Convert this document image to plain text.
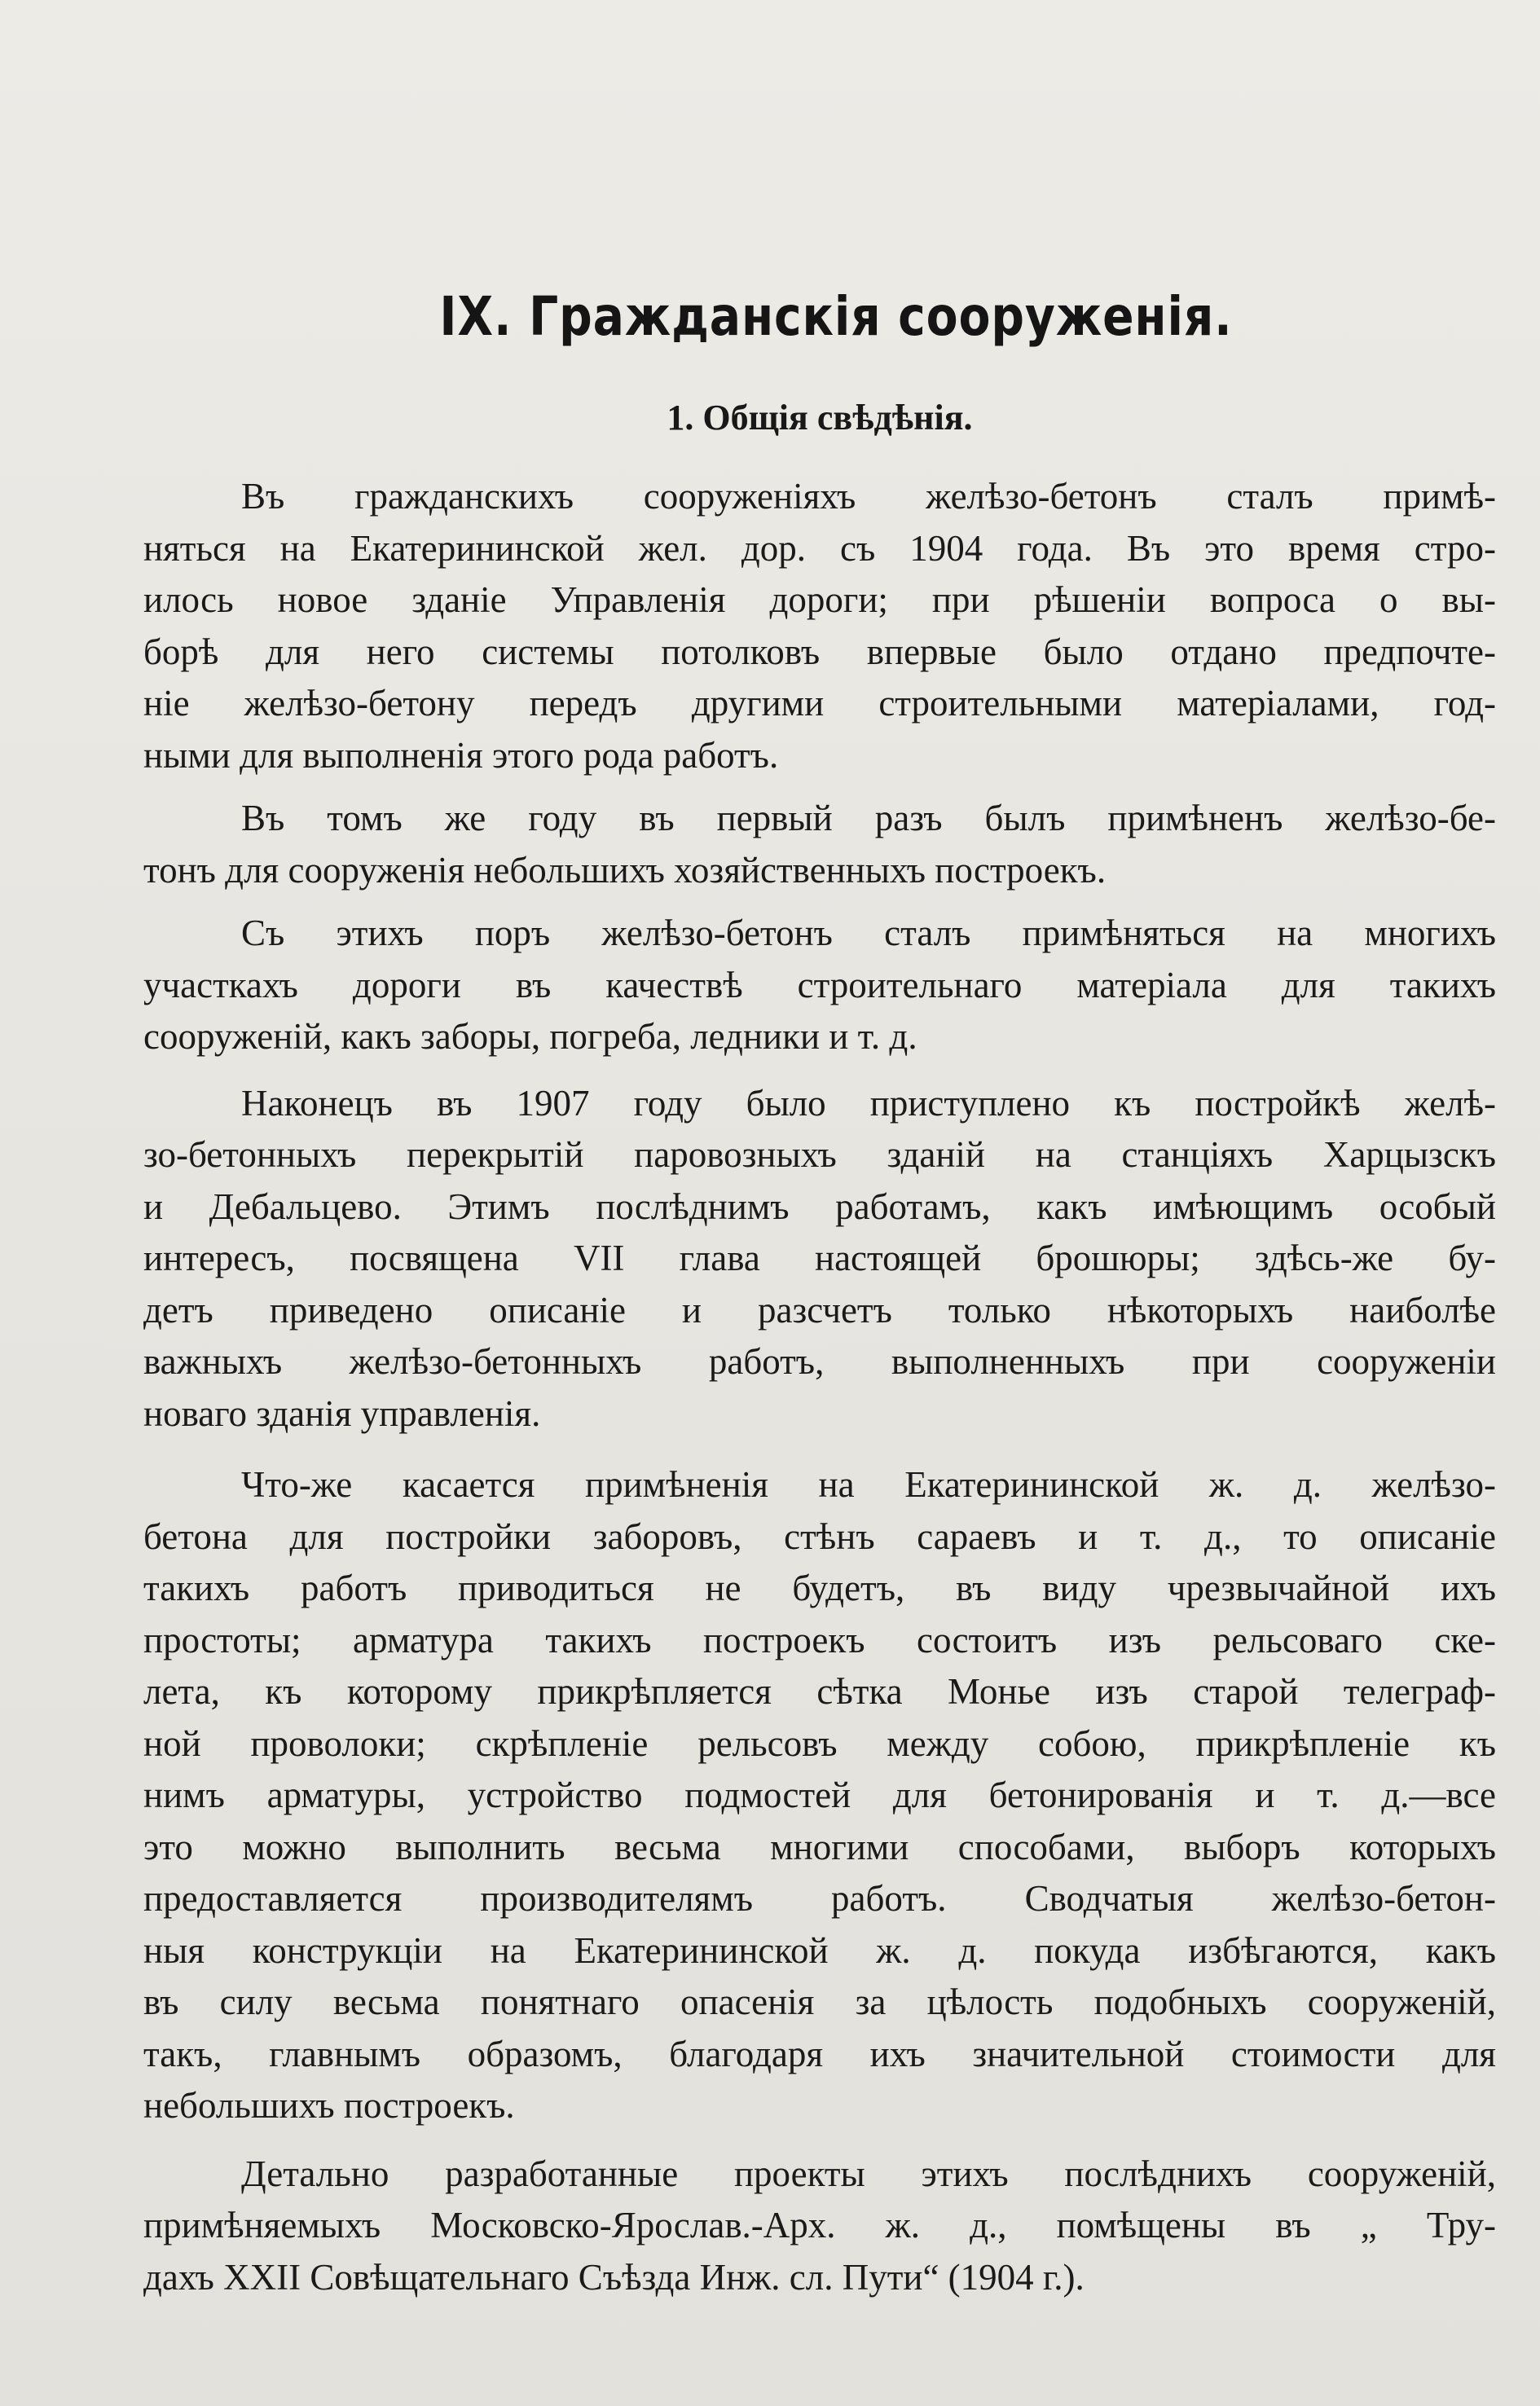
IX. Гражданскія сооруженія.
1. Общія свѣдѣнія.
Въ гражданскихъ сооруженіяхъ желѣзо-бетонъ сталъ примѣ-
няться на Екатерининской жел. дор. съ 1904 года. Въ это время стро-
илось новое зданіе Управленія дороги; при рѣшеніи вопроса о вы-
борѣ для него системы потолковъ впервые было отдано предпочте-
ніе желѣзо-бетону передъ другими строительными матеріалами, год-
ными для выполненія этого рода работъ.
Въ томъ же году въ первый разъ былъ примѣненъ желѣзо-бе-
тонъ для сооруженія небольшихъ хозяйственныхъ построекъ.
Съ этихъ поръ желѣзо-бетонъ сталъ примѣняться на многихъ
участкахъ дороги въ качествѣ строительнаго матеріала для такихъ
сооруженій, какъ заборы, погреба, ледники и т. д.
Наконецъ въ 1907 году было приступлено къ постройкѣ желѣ-
зо-бетонныхъ перекрытій паровозныхъ зданій на станціяхъ Харцызскъ
и Дебальцево. Этимъ послѣднимъ работамъ, какъ имѣющимъ особый
интересъ, посвящена VII глава настоящей брошюры; здѣсь-же бу-
детъ приведено описаніе и разсчетъ только нѣкоторыхъ наиболѣе
важныхъ желѣзо-бетонныхъ работъ, выполненныхъ при сооруженіи
новаго зданія управленія.
Что-же касается примѣненія на Екатерининской ж. д. желѣзо-
бетона для постройки заборовъ, стѣнъ сараевъ и т. д., то описаніе
такихъ работъ приводиться не будетъ, въ виду чрезвычайной ихъ
простоты; арматура такихъ построекъ состоитъ изъ рельсоваго ске-
лета, къ которому прикрѣпляется сѣтка Монье изъ старой телеграф-
ной проволоки; скрѣпленіе рельсовъ между собою, прикрѣпленіе къ
нимъ арматуры, устройство подмостей для бетонированія и т. д.—все
это можно выполнить весьма многими способами, выборъ которыхъ
предоставляется производителямъ работъ. Сводчатыя желѣзо-бетон-
ныя конструкціи на Екатерининской ж. д. покуда избѣгаются, какъ
въ силу весьма понятнаго опасенія за цѣлость подобныхъ сооруженій,
такъ, главнымъ образомъ, благодаря ихъ значительной стоимости для
небольшихъ построекъ.
Детально разработанные проекты этихъ послѣднихъ сооруженій,
примѣняемыхъ Московско-Ярослав.-Арх. ж. д., помѣщены въ „ Тру-
дахъ XXII Совѣщательнаго Съѣзда Инж. сл. Пути“ (1904 г.).
